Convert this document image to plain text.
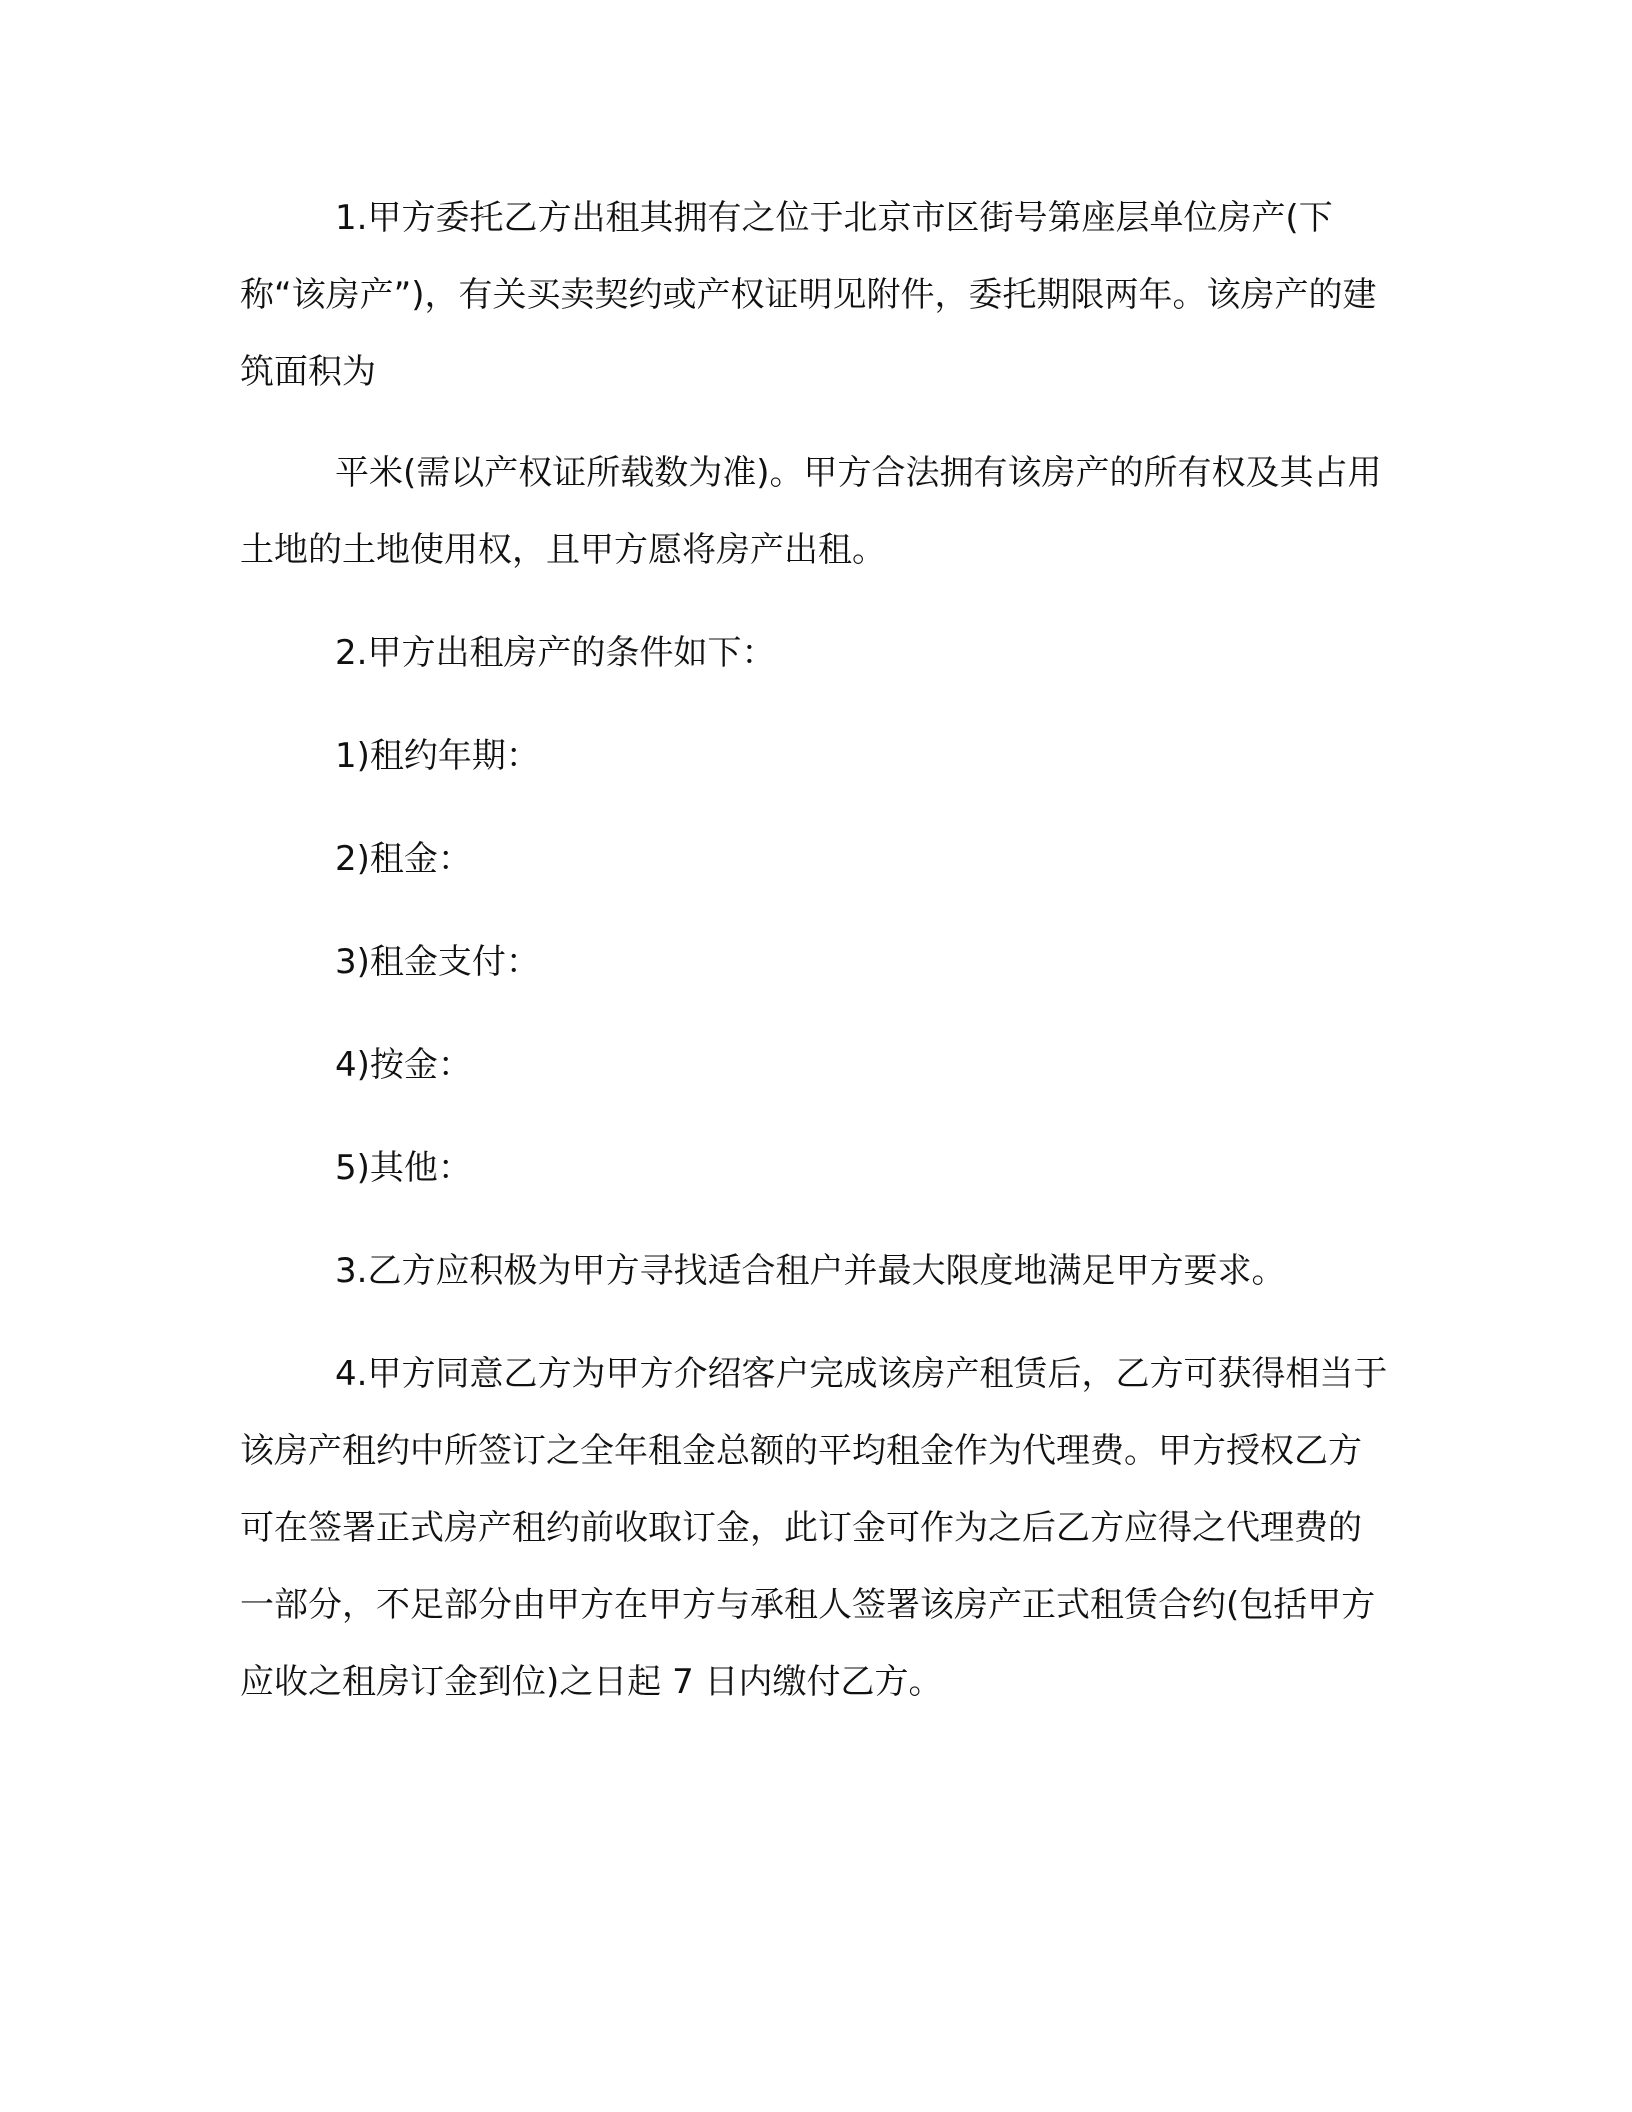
1.甲方委托乙方出租其拥有之位于北京市区街号第座层单位房产(下称“该房产”)，有关买卖契约或产权证明见附件，委托期限两年。该房产的建筑面积为

平米(需以产权证所载数为准)。甲方合法拥有该房产的所有权及其占用土地的土地使用权，且甲方愿将房产出租。

2.甲方出租房产的条件如下：

1)租约年期：

2)租金：

3)租金支付：

4)按金：

5)其他：

3.乙方应积极为甲方寻找适合租户并最大限度地满足甲方要求。

4.甲方同意乙方为甲方介绍客户完成该房产租赁后，乙方可获得相当于该房产租约中所签订之全年租金总额的平均租金作为代理费。甲方授权乙方可在签署正式房产租约前收取订金，此订金可作为之后乙方应得之代理费的一部分，不足部分由甲方在甲方与承租人签署该房产正式租赁合约(包括甲方应收之租房订金到位)之日起 7 日内缴付乙方。
